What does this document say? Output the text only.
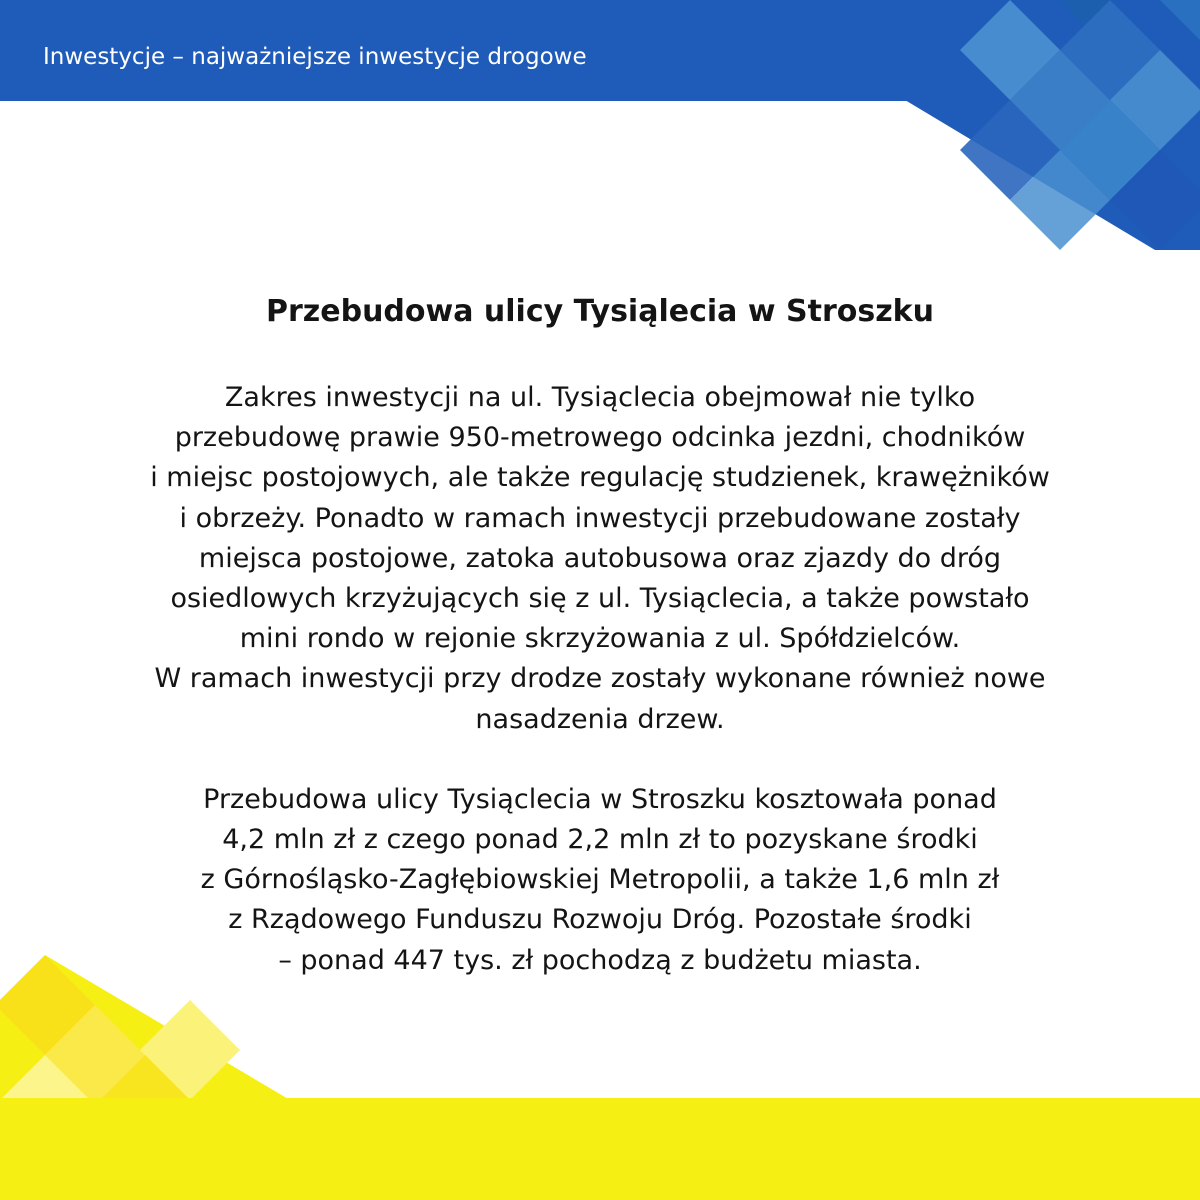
Inwestycje – najważniejsze inwestycje drogowe
Przebudowa ulicy Tysiąlecia w Stroszku
Zakres inwestycji na ul. Tysiąclecia obejmował nie tylko
przebudowę prawie 950-metrowego odcinka jezdni, chodników
i miejsc postojowych, ale także regulację studzienek, krawężników
i obrzeży. Ponadto w ramach inwestycji przebudowane zostały
miejsca postojowe, zatoka autobusowa oraz zjazdy do dróg
osiedlowych krzyżujących się z ul. Tysiąclecia, a także powstało
mini rondo w rejonie skrzyżowania z ul. Spółdzielców.
W ramach inwestycji przy drodze zostały wykonane również nowe
nasadzenia drzew.
Przebudowa ulicy Tysiąclecia w Stroszku kosztowała ponad
4,2 mln zł z czego ponad 2,2 mln zł to pozyskane środki
z Górnośląsko-Zagłębiowskiej Metropolii, a także 1,6 mln zł
z Rządowego Funduszu Rozwoju Dróg. Pozostałe środki
– ponad 447 tys. zł pochodzą z budżetu miasta.
